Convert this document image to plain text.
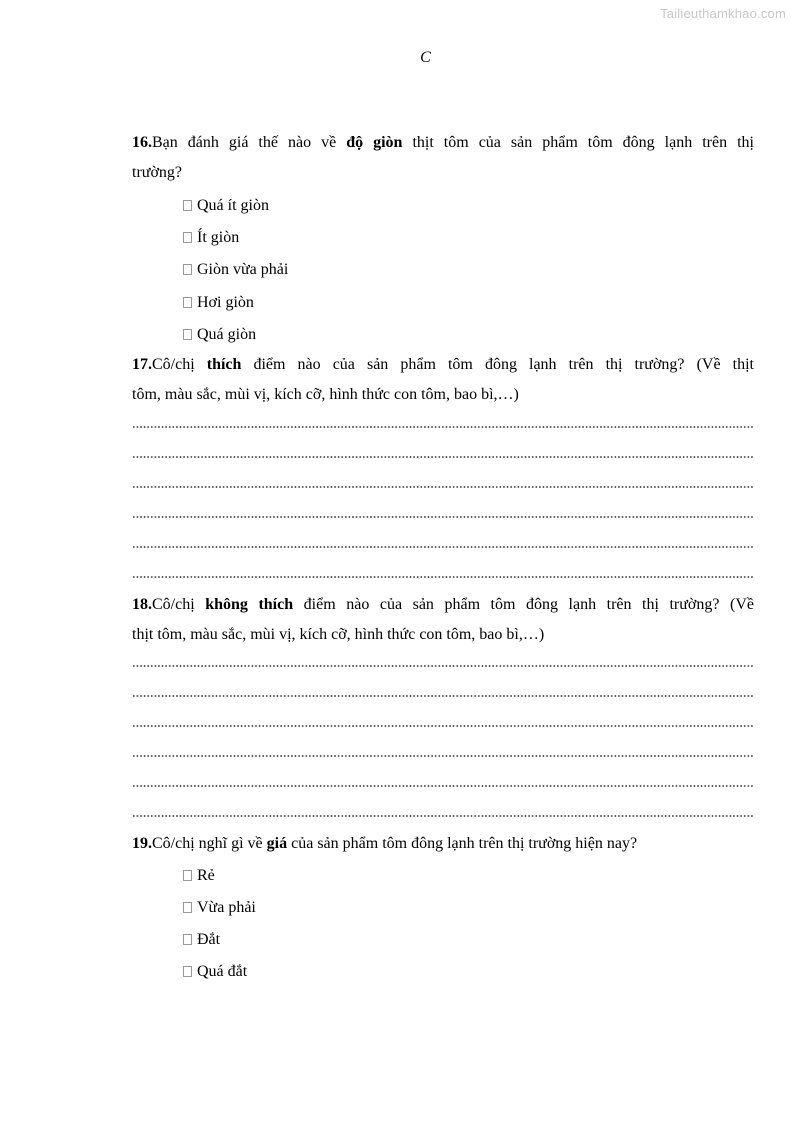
Tailieuthamkhao.com
C
16.Bạn đánh giá thế nào về độ giòn thịt tôm của sản phẩm tôm đông lạnh trên thị
trường?
Quá ít giòn
Ít giòn
Giòn vừa phải
Hơi giòn
Quá giòn
17.Cô/chị thích điểm nào của sản phẩm tôm đông lạnh trên thị trường? (Về thịt
tôm, màu sắc, mùi vị, kích cỡ, hình thức con tôm, bao bì,…)
18.Cô/chị không thích điểm nào của sản phẩm tôm đông lạnh trên thị trường? (Về
thịt tôm, màu sắc, mùi vị, kích cỡ, hình thức con tôm, bao bì,…)
19.Cô/chị nghĩ gì về giá của sản phẩm tôm đông lạnh trên thị trường hiện nay?
Rẻ
Vừa phải
Đắt
Quá đắt
